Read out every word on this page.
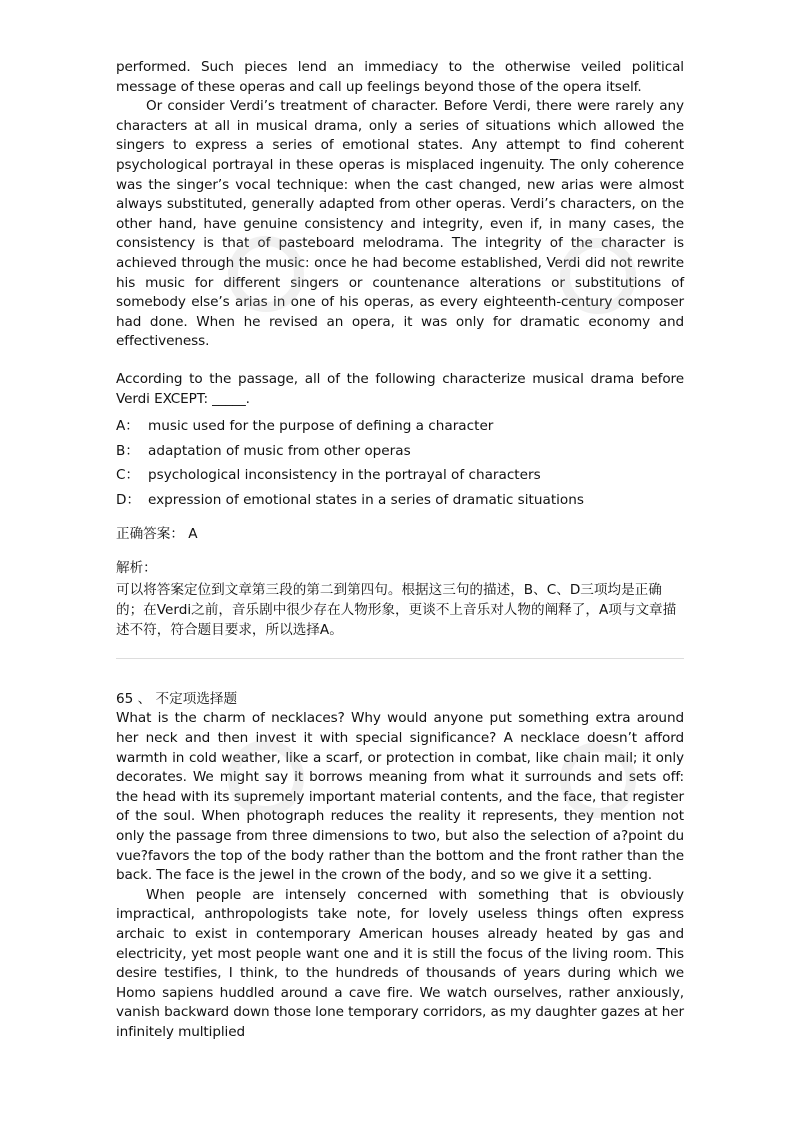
performed. Such pieces lend an immediacy to the otherwise veiled political message of these operas and call up feelings beyond those of the opera itself.

Or consider Verdi’s treatment of character. Before Verdi, there were rarely any characters at all in musical drama, only a series of situations which allowed the singers to express a series of emotional states. Any attempt to find coherent psychological portrayal in these operas is misplaced ingenuity. The only coherence was the singer’s vocal technique: when the cast changed, new arias were almost always substituted, generally adapted from other operas. Verdi’s characters, on the other hand, have genuine consistency and integrity, even if, in many cases, the consistency is that of pasteboard melodrama. The integrity of the character is achieved through the music: once he had become established, Verdi did not rewrite his music for different singers or countenance alterations or substitutions of somebody else’s arias in one of his operas, as every eighteenth-century composer had done. When he revised an opera, it was only for dramatic economy and effectiveness.

According to the passage, all of the following characterize musical drama before Verdi EXCEPT: _____.

A： music used for the purpose of defining a character
B： adaptation of music from other operas
C： psychological inconsistency in the portrayal of characters
D： expression of emotional states in a series of dramatic situations
正确答案： A
解析：

可以将答案定位到文章第三段的第二到第四句。根据这三句的描述，B、C、D三项均是正确的；在Verdi之前，音乐剧中很少存在人物形象，更谈不上音乐对人物的阐释了，A项与文章描述不符，符合题目要求，所以选择A。

65 、 不定项选择题

What is the charm of necklaces? Why would anyone put something extra around her neck and then invest it with special significance? A necklace doesn’t afford warmth in cold weather, like a scarf, or protection in combat, like chain mail; it only decorates. We might say it borrows meaning from what it surrounds and sets off: the head with its supremely important material contents, and the face, that register of the soul. When photograph reduces the reality it represents, they mention not only the passage from three dimensions to two, but also the selection of a?point du vue?favors the top of the body rather than the bottom and the front rather than the back. The face is the jewel in the crown of the body, and so we give it a setting.

When people are intensely concerned with something that is obviously impractical, anthropologists take note, for lovely useless things often express archaic to exist in contemporary American houses already heated by gas and electricity, yet most people want one and it is still the focus of the living room. This desire testifies, I think, to the hundreds of thousands of years during which we Homo sapiens huddled around a cave fire. We watch ourselves, rather anxiously, vanish backward down those lone temporary corridors, as my daughter gazes at her infinitely multiplied
